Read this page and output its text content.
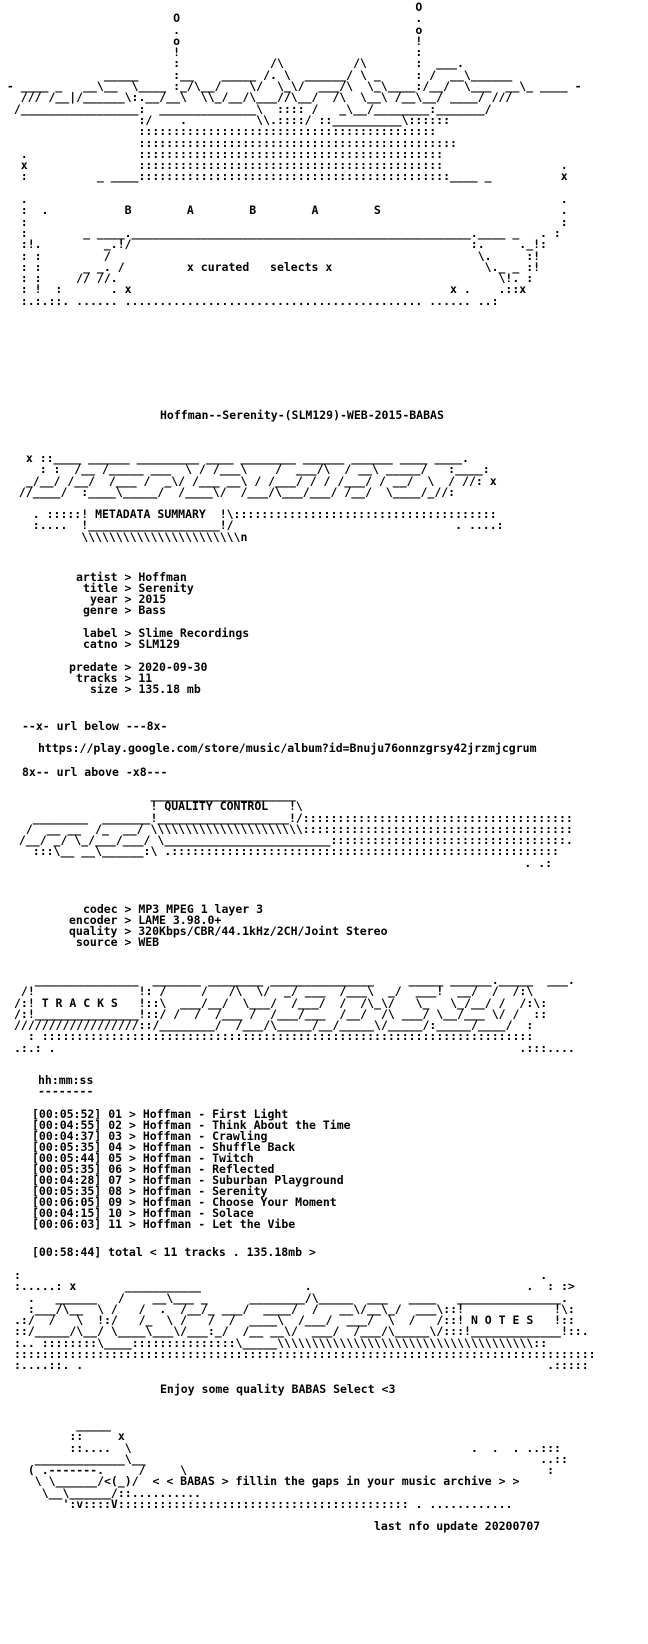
O
O                                  .
.                                  o
o                                  !
!                                  :
:             /\          /\       :  ___.
_____     :__    _____ /. \  ______/ \ _     : /  __\______
- ____ _   __\__  \____ :_/\__/    \/  \_\/  ___/\  \_\____:/__/  \___  __\_ ____ -
/// /__|/______\:.__/__\  \\_/__/\___//\__/  /\  \__\ /__\__/ ____/ ///
/_________________:  ______________\  :::: /   _\__/________:_______/
:/    .          \\.::::/ ::__________\::::::
:::::::::::::::::::::::::::::::::::::::::::
::::::::::::::::::::::::::::::::::::::::::::::
.                ::::::::::::::::::::::::::::::::::::::::::::
x                ::::::::::::::::::::::::::::::::::::::::::::                 .
:          _ ____:::::::::::::::::::::::::::::::::::::::::::::____ _          x

.                                                                             .
:  .           B        A        B        A        S                          .
:                                                                             :
:        _ ____._________________________________________________.____ _   . :
:!.         _.!/                                                 :.     ._!:
: :         /                                                     \.     :!
: :      _ _. /         x curated   selects x                      \._ _ :!
: :     // //.                                                       \!. :
: !  :       . x                                              x .    .::x
:.:.::. ...... ........................................... ...... ..:

Hoffman--Serenity-(SLM129)-WEB-2015-BABAS

x ::____ ______ _________ ____ ________ ______ ______ ____ ____.
: :  /__ /_____ ___  \ / /___\    /  ___/\  / __\ _____/   :____:
_/__/ /__/  /___ /  _\/ /___ __\ / /___/ / / /___/ / __/  \  / //: x
//____/  :____\_____/  /____\/  /___/\___/___/ /__/  \____/_//:

. :::::! METADATA SUMMARY  !\::::::::::::::::::::::::::::::::::::::
:....  !___________________!/                                . ....:
\\\\\\\\\\\\\\\\\\\\\\\n

artist > Hoffman

title > Serenity

year > 2015

genre > Bass

label > Slime Recordings

catno > SLM129

predate > 2020-09-30

tracks > 11

size > 135.18 mb

--x- url below ---8x-

https://play.google.com/store/music/album?id=Bnuju76onnzgrsy42jrzmjcgrum

8x-- url above -x8---

_____________________
! QUALITY CONTROL   !\
________  _______!___________________!/:::::::::::::::::::::::::::::::::::::::
/  __ __  /_  __/ \\\\\\\\\\\\\\\\\\\\\\:::::::::::::::::::::::::::::::::::::::
/__/ _/ \_/___/___/ \________________________::::::::::::::::::::::::::::::::::.
:::\__ __\______:\ .::::::::::::::::::::::::::::::::::::::::::::::::::::::::
. .:

codec > MP3 MPEG 1 layer 3

encoder > LAME 3.98.0+

quality > 320Kbps/CBR/44.1kHz/2CH/Joint Stereo

source > WEB

_______________  _______ ________ _______________     _____ ______._____  ___.
/!               !: /     /   /\  \/  _/ ___  /___\  _/  ___!  __/  /  /:\
/:! T R A C K S   !::\  ___/__/  \___/  /___/  /  /\_\/   \_   \_/__/ /  /:\:
/:!_______________!::/ /  /  /___ /  /___/___  /__/  /\ ___/ \__/___ \/ /  ::
//////////////////::/________/  /___/\_____/__/_____\/_____/:_____/____/  :
: :::::::::::::::::::::::::::::::::::::::::::::::::::::::::::::::::::::::
.:.: .                                                                   .:::....

hh:mm:ss

--------

[00:05:52] 01 > Hoffman - First Light

[00:04:55] 02 > Hoffman - Think About the Time

[00:04:37] 03 > Hoffman - Crawling

[00:05:35] 04 > Hoffman - Shuffle Back

[00:05:44] 05 > Hoffman - Twitch

[00:05:35] 06 > Hoffman - Reflected

[00:04:28] 07 > Hoffman - Suburban Playground

[00:05:35] 08 > Hoffman - Serenity

[00:06:05] 09 > Hoffman - Choose Your Moment

[00:04:15] 10 > Hoffman - Solace

[00:06:03] 11 > Hoffman - Let the Vibe

[00:58:44] total < 11 tracks . 135.18mb >

:                                                                           .
:.....: x       ___________               .                               .  : :>
.   ______   /    __\___ _      ________/\_____  ___   ____   _______________.
:___/\__  \ /   /  .  /__/_ ___/  ____/  /   __\/__\_/  ___\::!             !\:
.:/  /   \  !:/   /_  \ /   /  /  ____\  /___/  ___/  \  /   /::! N O T E S   !::
::/_____/\__/ \____\___\/___:_/  /__ __\/  ___/  /___/\_____\/:::!_____________!::.
:.. ::::::::\____:::::::::::::::\_____\\\\\\\\\\\\\\\\\\\\\\\\\\\\\\\\\\\\\::
::::::::::::::::::::::::::::::::::::::::::::::::::::::::::::::::::::::::::::::::::::
:....::. .                                                                   .:::::

Enjoy some quality BABAS Select <3

_____
::     x
::....  \                                                 .  .  . ..:::
_____________\__                                                         ..::
( .-------.     /     \                                                    :
\ \______/<(_)/  < < BABAS > fillin the gaps in your music archive > >
\__\______/::..........
':v::::V:::::::::::::::::::::::::::::::::::::::::: . ............

last nfo update 20200707
